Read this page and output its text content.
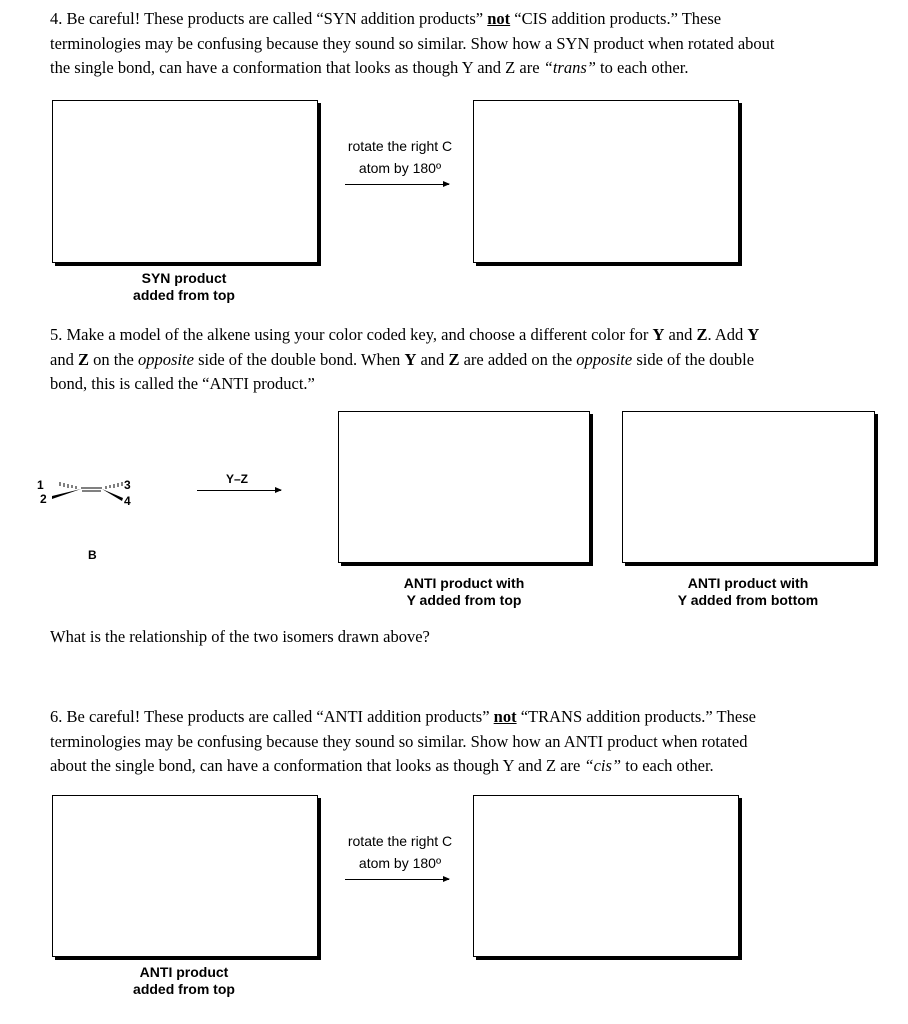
4. Be careful! These products are called “SYN addition products” not “CIS addition products.” These
terminologies may be confusing because they sound so similar. Show how a SYN product when rotated about
the single bond, can have a conformation that looks as though Y and Z are “trans” to each other.
rotate the right C
atom by 180º
SYN product
added from top
5. Make a model of the alkene using your color coded key, and choose a different color for Y and Z. Add Y
and Z on the opposite side of the double bond. When Y and Z are added on the opposite side of the double
bond, this is called the “ANTI product.”
1
2
3
4
B
Y–Z
ANTI product with
Y added from top
ANTI product with
Y added from bottom
What is the relationship of the two isomers drawn above?
6. Be careful! These products are called “ANTI addition products” not “TRANS addition products.” These
terminologies may be confusing because they sound so similar. Show how an ANTI product when rotated
about the single bond, can have a conformation that looks as though Y and Z are “cis” to each other.
rotate the right C
atom by 180º
ANTI product
added from top
